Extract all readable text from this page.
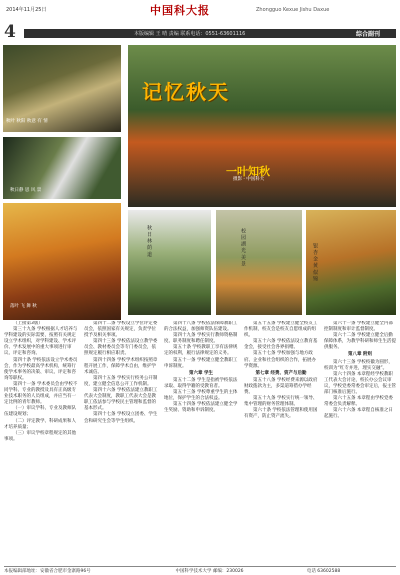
2014年11月25日	中国科大报	Zhongguo Kexue Jishu Daxue
4	本版编辑 王 晴 责编 联系电话：0551-63601116	综合副刊
秋叶 秋阳 秋意 有 情
秋日静 思 风 景
落叶 飞 舞 秋
秋 日 林 荫 道	校 园 湖 光 美 景	银 杏 金 黄 似 锦
记忆秋天
一叶知秋
摄影 · 中国科大

（上接第3版）

第三十九条 学校根据人才培养与学科建设的实际需要，按照有关规定设立学术组织，对学科建设、学术评价、学术发展中的重大事项进行审议、评定和咨询。

第四十条 学校依法设立学术委员会，作为学校最高学术机构，统筹行使学术事务的决策、审议、评定和咨询等职权。

第四十一条 学术委员会由学校不同学科、专业的教授及具有正高级专业技术职务的人员组成，并应当有一定比例的青年教师。

（一）审议学科、专业及教师队伍建设规划；

（二）评定教学、科研成果和人才培养质量；

（三）审议学校章程规定的其他事项。

第四十二条 学校设立学位评定委员会，依照国家有关规定，负责学位授予及相关事项。

第四十三条 学校依法设立教学委员会、教材委员会等专门委员会，依照规定履行相应职责。

第四十四条 学校学术组织按照章程开展工作，保障学术自由，维护学术诚信。

第四十五条 学校实行校务公开制度，建立健全信息公开工作机制。

第四十六条 学校依法建立教职工代表大会制度，教职工代表大会是教职工依法参与学校民主管理和监督的基本形式。

第四十七条 学校设立团委、学生会和研究生会等学生组织。

第四十八条 学校依法保障教职工的合法权益，加强师资队伍建设。

第四十九条 学校实行教师资格制度、职务制度和聘任制度。

第五十条 学校教职工享有法律规定的权利，履行法律规定的义务。

第五十一条 学校建立健全教职工申诉制度。

第六章 学生

第五十二条 学生是指被学校依法录取、取得学籍的受教育者。

第五十三条 学校尊重学生的主体地位，保护学生的合法权益。

第五十四条 学校依法建立健全学生奖励、资助和申诉制度。

第五十五条 学校建立健全校友工作机制，校友会是校友自愿组成的组织。

第五十六条 学校依法设立教育基金会，接受社会各界捐赠。

第五十七条 学校加强与地方政府、企业和社会组织的合作，拓展办学资源。

第七章 经费、资产与后勤

第五十八条 学校经费来源以政府财政拨款为主，多渠道筹措办学经费。

第五十九条 学校实行统一领导、集中管理的财务管理体制。

第六十条 学校依法管理和使用国有资产，防止资产流失。

第六十一条 学校建立健全内部控制制度和审计监督制度。

第六十二条 学校建立健全后勤保障体系，为教学科研和师生生活提供服务。

第八章 附则

第六十三条 学校校徽为圆形，校训为“红专并进，理实交融”。

第六十四条 本章程经学校教职工代表大会讨论，校长办公会议审议，学校党委常委会审定后，报主管部门核准后施行。

第六十五条 本章程由学校党委常委会负责解释。

第六十六条 本章程自核准之日起施行。

本报编辑部地址：安徽省合肥市金寨路96号	中国科学技术大学 邮编：230026	电话 63602588
